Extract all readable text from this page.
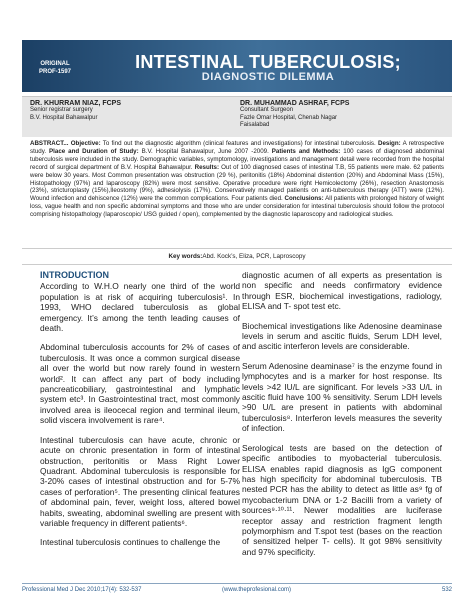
ORIGINAL
PROF-1597	INTESTINAL TUBERCULOSIS;
DIAGNOSTIC DILEMMA
DR. KHURRAM NIAZ, FCPS
Senior registrar surgery
B.V. Hospital Bahawalpur
DR. MUHAMMAD ASHRAF, FCPS
Consultant Surgeon
Fazle Omar Hospital, Chenab Nagar
Faisalabad
ABSTRACT... Objective: To find out the diagnostic algorithm (clinical features and investigations) for intestinal tuberculosis. Design: A retrospective study. Place and Duration of Study: B.V. Hospital Bahawalpur, June 2007 -2009. Patients and Methods: 100 cases of diagnosed abdominal tuberculosis were included in the study. Demographic variables, symptomology, investigations and management detail were recorded from the hospital record of surgical department of B.V. Hospital Bahawalpur. Results: Out of 100 diagnosed cases of intestinal T.B, 55 patients were male. 62 patients were below 30 years. Most Common presentation was obstruction (29 %), peritonitis (18%) Abdominal distention (20%) and Abdominal Mass (15%), Histopathology (97%) and laparoscopy (82%) were most sensitive. Operative procedure were right Hemicolectomy (26%), resection Anastomosis (23%), stricturoplasty (15%),Ileostomy (9%), adhesiolysis (17%). Conservatively managed patients on anti-tuberculous therapy (ATT) were (12%). Wound infection and dehiscence (12%) were the common complications. Four patients died. Conclusions: All patients with prolonged history of weight loss, vague health and non specific abdominal symptoms and those who are under consideration for intestinal tuberculosis should follow the protocol comprising histopathology (laparoscopic/ USG guided / open), complemented by the diagnostic laparoscopy and radiological studies.
Key words:Abd. Kock’s, Eliza, PCR, Laproscopy
INTRODUCTION

According to W.H.O nearly one third of the world population is at risk of acquiring tuberculosis¹. In 1993, WHO declared tuberculosis as global emergency. It’s among the tenth leading causes of death.

Abdominal tuberculosis accounts for 2% of cases of tuberculosis. It was once a common surgical disease all over the world but now rarely found in western world². It can affect any part of body including pancreaticobiliary, gastrointestinal and lymphatic system etc³. In Gastrointestinal tract, most commonly involved area is ileocecal region and terminal ileum, solid viscera involvement is rare⁴.

Intestinal tuberculosis can have acute, chronic or acute on chronic presentation in form of intestinal obstruction, peritonitis or Mass Right Lower Quadrant. Abdominal tuberculosis is responsible for 3-20% cases of intestinal obstruction and for 5-7% cases of perforation⁵. The presenting clinical features of abdominal pain, fever, weight loss, altered bowel habits, sweating, abdominal swelling are present with variable frequency in different patients⁶.

Intestinal tuberculosis continues to challenge the

diagnostic acumen of all experts as presentation is non specific and needs confirmatory evidence through ESR, biochemical investigations, radiology, ELISA and T- spot test etc.

Biochemical investigations like Adenosine deaminase levels in serum and ascitic fluids, Serum LDH level, and ascitic interferon levels are considerable.

Serum Adenosine deaminase⁷ is the enzyme found in lymphocytes and is a marker for host response. Its levels >42 IU/L are significant. For levels >33 U/L in ascitic fluid have 100 % sensitivity. Serum LDH levels >90 U/L are present in patients with abdominal tuberculosis⁸. Interferon levels measures the severity of infection.

Serological tests are based on the detection of specific antibodies to myobacterial tuberculosis. ELISA enables rapid diagnosis as IgG component has high specificity for abdominal tuberculosis. TB nested PCR has the ability to detect as little as⁹ fg of mycobacterium DNA or 1-2 Bacilli from a variety of sources⁹·¹⁰·¹¹. Newer modalities are luciferase receptor assay and restriction fragment length polymorphism and T.spot test (bases on the reaction of sensitized helper T- cells). It got 98% sensitivity and 97% specificity.

Professional Med J Dec 2010;17(4): 532-537	(www.theprofesional.com)	532
